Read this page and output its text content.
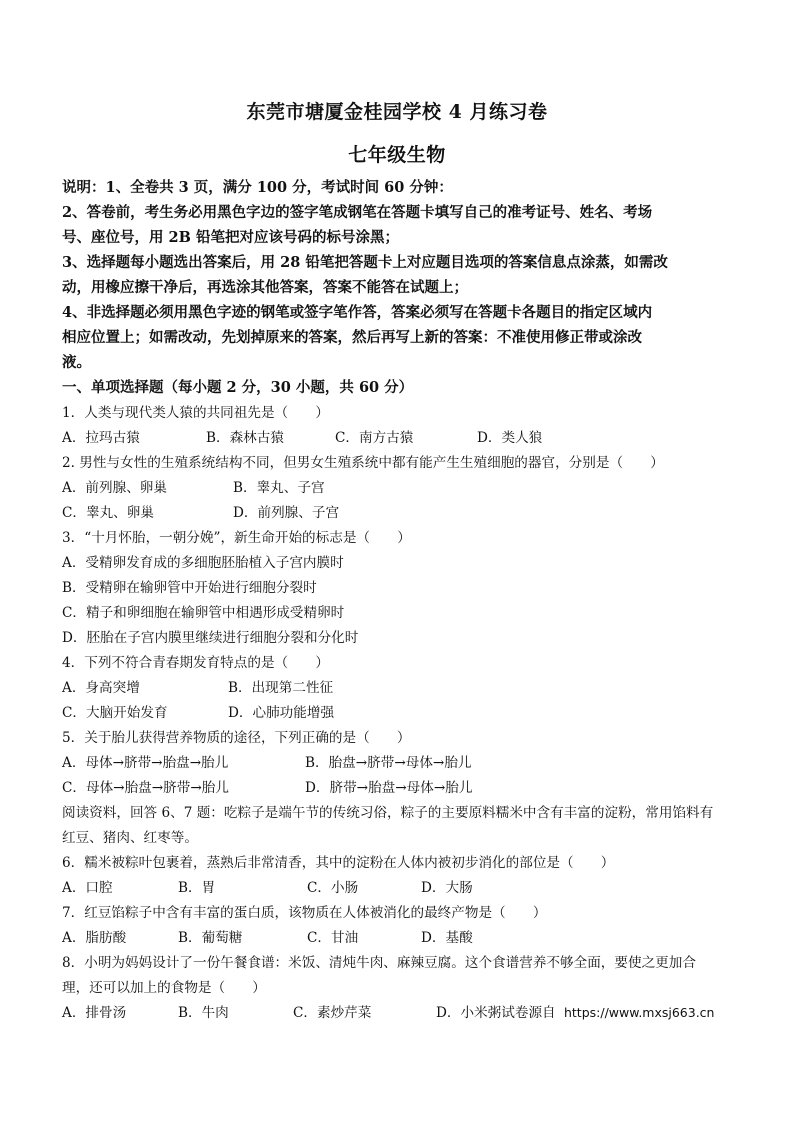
东莞市塘厦金桂园学校 4 月练习卷
七年级生物
说明：1、全卷共 3 页，满分 100 分，考试时间 60 分钟：
2、答卷前，考生务必用黑色字边的签字笔成钢笔在答题卡填写自己的准考证号、姓名、考场
号、座位号，用 2B 铅笔把对应该号码的标号涂黑；
3、选择题每小题选出答案后，用 28 铅笔把答题卡上对应题目选项的答案信息点涂蒸，如需改
动，用橡应擦干净后，再选涂其他答案，答案不能答在试题上；
4、非选择题必须用黑色字迹的钢笔或签字笔作答，答案必须写在答题卡各题目的指定区域内
相应位置上；如需改动，先划掉原来的答案，然后再写上新的答案：不准使用修正带或涂改
液。
一、单项选择题（每小题 2 分，30 小题，共 60 分）
1．人类与现代类人猿的共同祖先是（　　）
A．拉玛古猿	B．森林古猿	C．南方古猿	D．类人狼
2. 男性与女性的生殖系统结构不同，但男女生殖系统中都有能产生生殖细胞的器官，分别是（　　）
A．前列腺、卵巢	B．睾丸、子宫
C．睾丸、卵巢	D．前列腺、子宫
3．“十月怀胎，一朝分娩”，新生命开始的标志是（　　）
A．受精卵发育成的多细胞胚胎植入子宫内膜时
B．受精卵在输卵管中开始进行细胞分裂时
C．精子和卵细胞在输卵管中相遇形成受精卵时
D．胚胎在子宫内膜里继续进行细胞分裂和分化时
4．下列不符合青春期发育特点的是（　　）
A．身高突增	B．出现第二性征
C．大脑开始发育	D．心肺功能增强
5．关于胎儿获得营养物质的途径，下列正确的是（　　）
A．母体→脐带→胎盘→胎儿	B．胎盘→脐带→母体→胎儿
C．母体→胎盘→脐带→胎儿	D．脐带→胎盘→母体→胎儿
阅读资料，回答 6、7 题：吃粽子是端午节的传统习俗，粽子的主要原料糯米中含有丰富的淀粉，常用馅料有
红豆、猪肉、红枣等。
6．糯米被粽叶包裹着，蒸熟后非常清香，其中的淀粉在人体内被初步消化的部位是（　　）
A．口腔	B．胃	C．小肠	D．大肠
7．红豆馅粽子中含有丰富的蛋白质，该物质在人体被消化的最终产物是（　　）
A．脂肪酸	B．葡萄糖	C．甘油	D．基酸
8．小明为妈妈设计了一份午餐食谱：米饭、清炖牛肉、麻辣豆腐。这个食谱营养不够全面，要使之更加合
理，还可以加上的食物是（　　）
A．排骨汤	B．牛肉	C．素炒芹菜	D．小米粥试卷源自 https://www.mxsj663.cn
